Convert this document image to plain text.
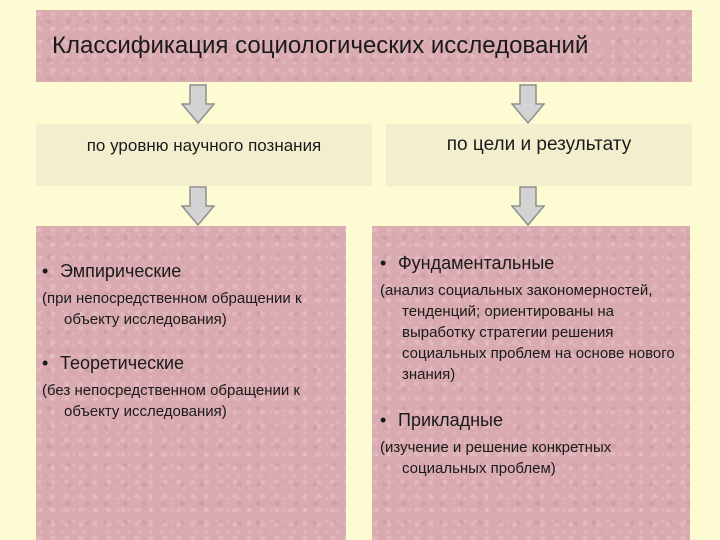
Классификация социологических исследований
по уровню научного познания	по цели и результату
• Эмпирические
(при непосредственном обращении к объекту исследования)
• Теоретические
(без непосредственном обращении к объекту исследования)
• Фундаментальные
(анализ социальных закономерностей, тенденций; ориентированы на выработку стратегии решения социальных проблем на основе нового знания)
• Прикладные
(изучение и решение конкретных социальных проблем)
